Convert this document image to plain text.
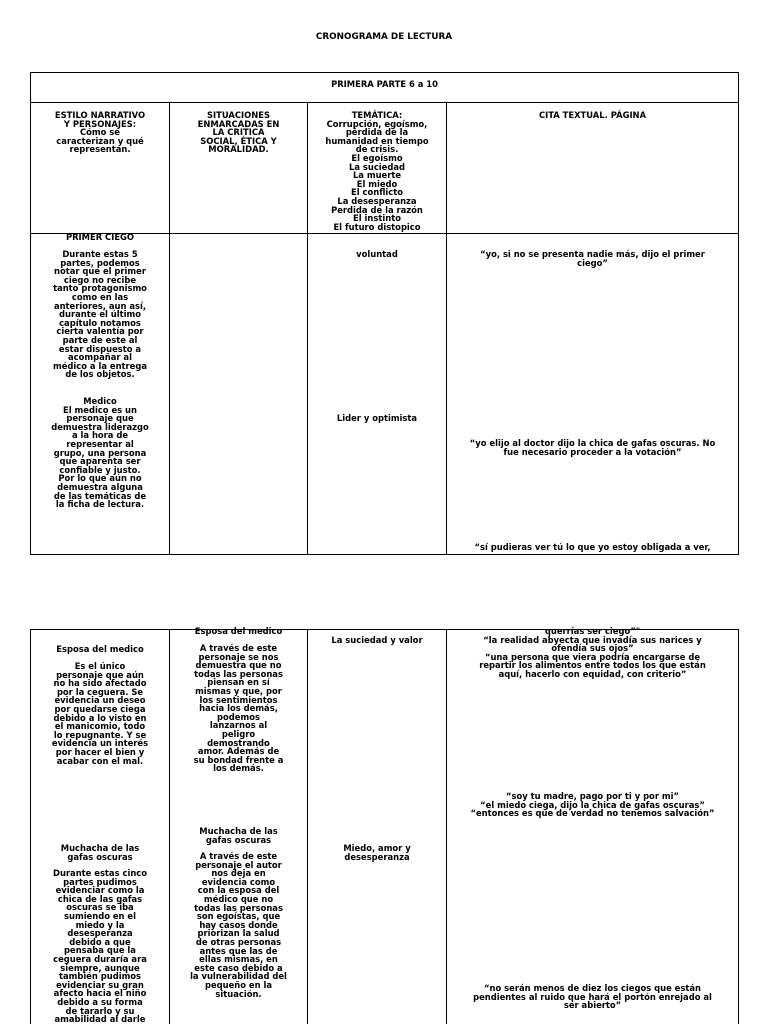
CRONOGRAMA DE LECTURA
PRIMERA PARTE 6 a 10
ESTILO NARRATIVO
Y PERSONAJES:
Cómo se
caracterizan y qué
representan.
SITUACIONES
ENMARCADAS EN
LA CRITICA
SOCIAL, ÉTICA Y
MORALIDAD.
TEMÁTICA:
Corrupción, egoísmo,
pérdida de la
humanidad en tiempo
de crisis.
El egoísmo
La suciedad
La muerte
El miedo
El conflicto
La desesperanza
Perdida de la razón
El instinto
El futuro distopico
CITA TEXTUAL. PÁGINA
PRIMER CIEGO
Durante estas 5
partes, podemos
notar que el primer
ciego no recibe
tanto protagonismo
como en las
anteriores, aun así,
durante el último
capítulo notamos
cierta valentía por
parte de este al
estar dispuesto a
acompañar al
médico a la entrega
de los objetos.
Medico
El medico es un
personaje que
demuestra liderazgo
a la hora de
representar al
grupo, una persona
que aparenta ser
confiable y justo.
Por lo que aún no
demuestra alguna
de las temáticas de
la ficha de lectura.
voluntad
Lider y optimista
“yo, si no se presenta nadie más, dijo el primer
ciego”
“yo elijo al doctor dijo la chica de gafas oscuras. No
fue necesario proceder a la votación”
“sí pudieras ver tú lo que yo estoy obligada a ver,
Esposa del medico
Es el único
personaje que aún
no ha sido afectado
por la ceguera. Se
evidencia un deseo
por quedarse ciega
debido a lo visto en
el manicomio, todo
lo repugnante. Y se
evidencia un interés
por hacer el bien y
acabar con el mal.
Muchacha de las
gafas oscuras
Durante estas cinco
partes pudimos
evidenciar como la
chica de las gafas
oscuras se iba
sumiendo en el
miedo y la
desesperanza
debido a que
pensaba que la
ceguera duraría ara
siempre, aunque
también pudimos
evidenciar su gran
afecto hacia el niño
debido a su forma
de tararlo y su
amabilidad al darle
Esposa del medico
A través de este
personaje se nos
demuestra que no
todas las personas
piensan en sí
mismas y que, por
los sentimientos
hacia los demás,
podemos
lanzarnos al
peligro
demostrando
amor. Además de
su bondad frente a
los demás.
Muchacha de las
gafas oscuras
A través de este
personaje el autor
nos deja en
evidencia como
con la esposa del
médico que no
todas las personas
son egoístas, que
hay casos donde
priorizan la salud
de otras personas
antes que las de
ellas mismas, en
este caso debido a
la vulnerabilidad del
pequeño en la
situación.
La suciedad y valor
Miedo, amor y
desesperanza
querrías ser ciego”"
“la realidad abyecta que invadía sus narices y
ofendía sus ojos”
“una persona que viera podría encargarse de
repartir los alimentos entre todos los que están
aquí, hacerlo con equidad, con criterio”
“soy tu madre, pago por ti y por mi”
“el miedo ciega, dijo la chica de gafas oscuras”
“entonces es que de verdad no tenemos salvación”
“no serán menos de diez los ciegos que están
pendientes al ruido que hará el portón enrejado al
ser abierto”
